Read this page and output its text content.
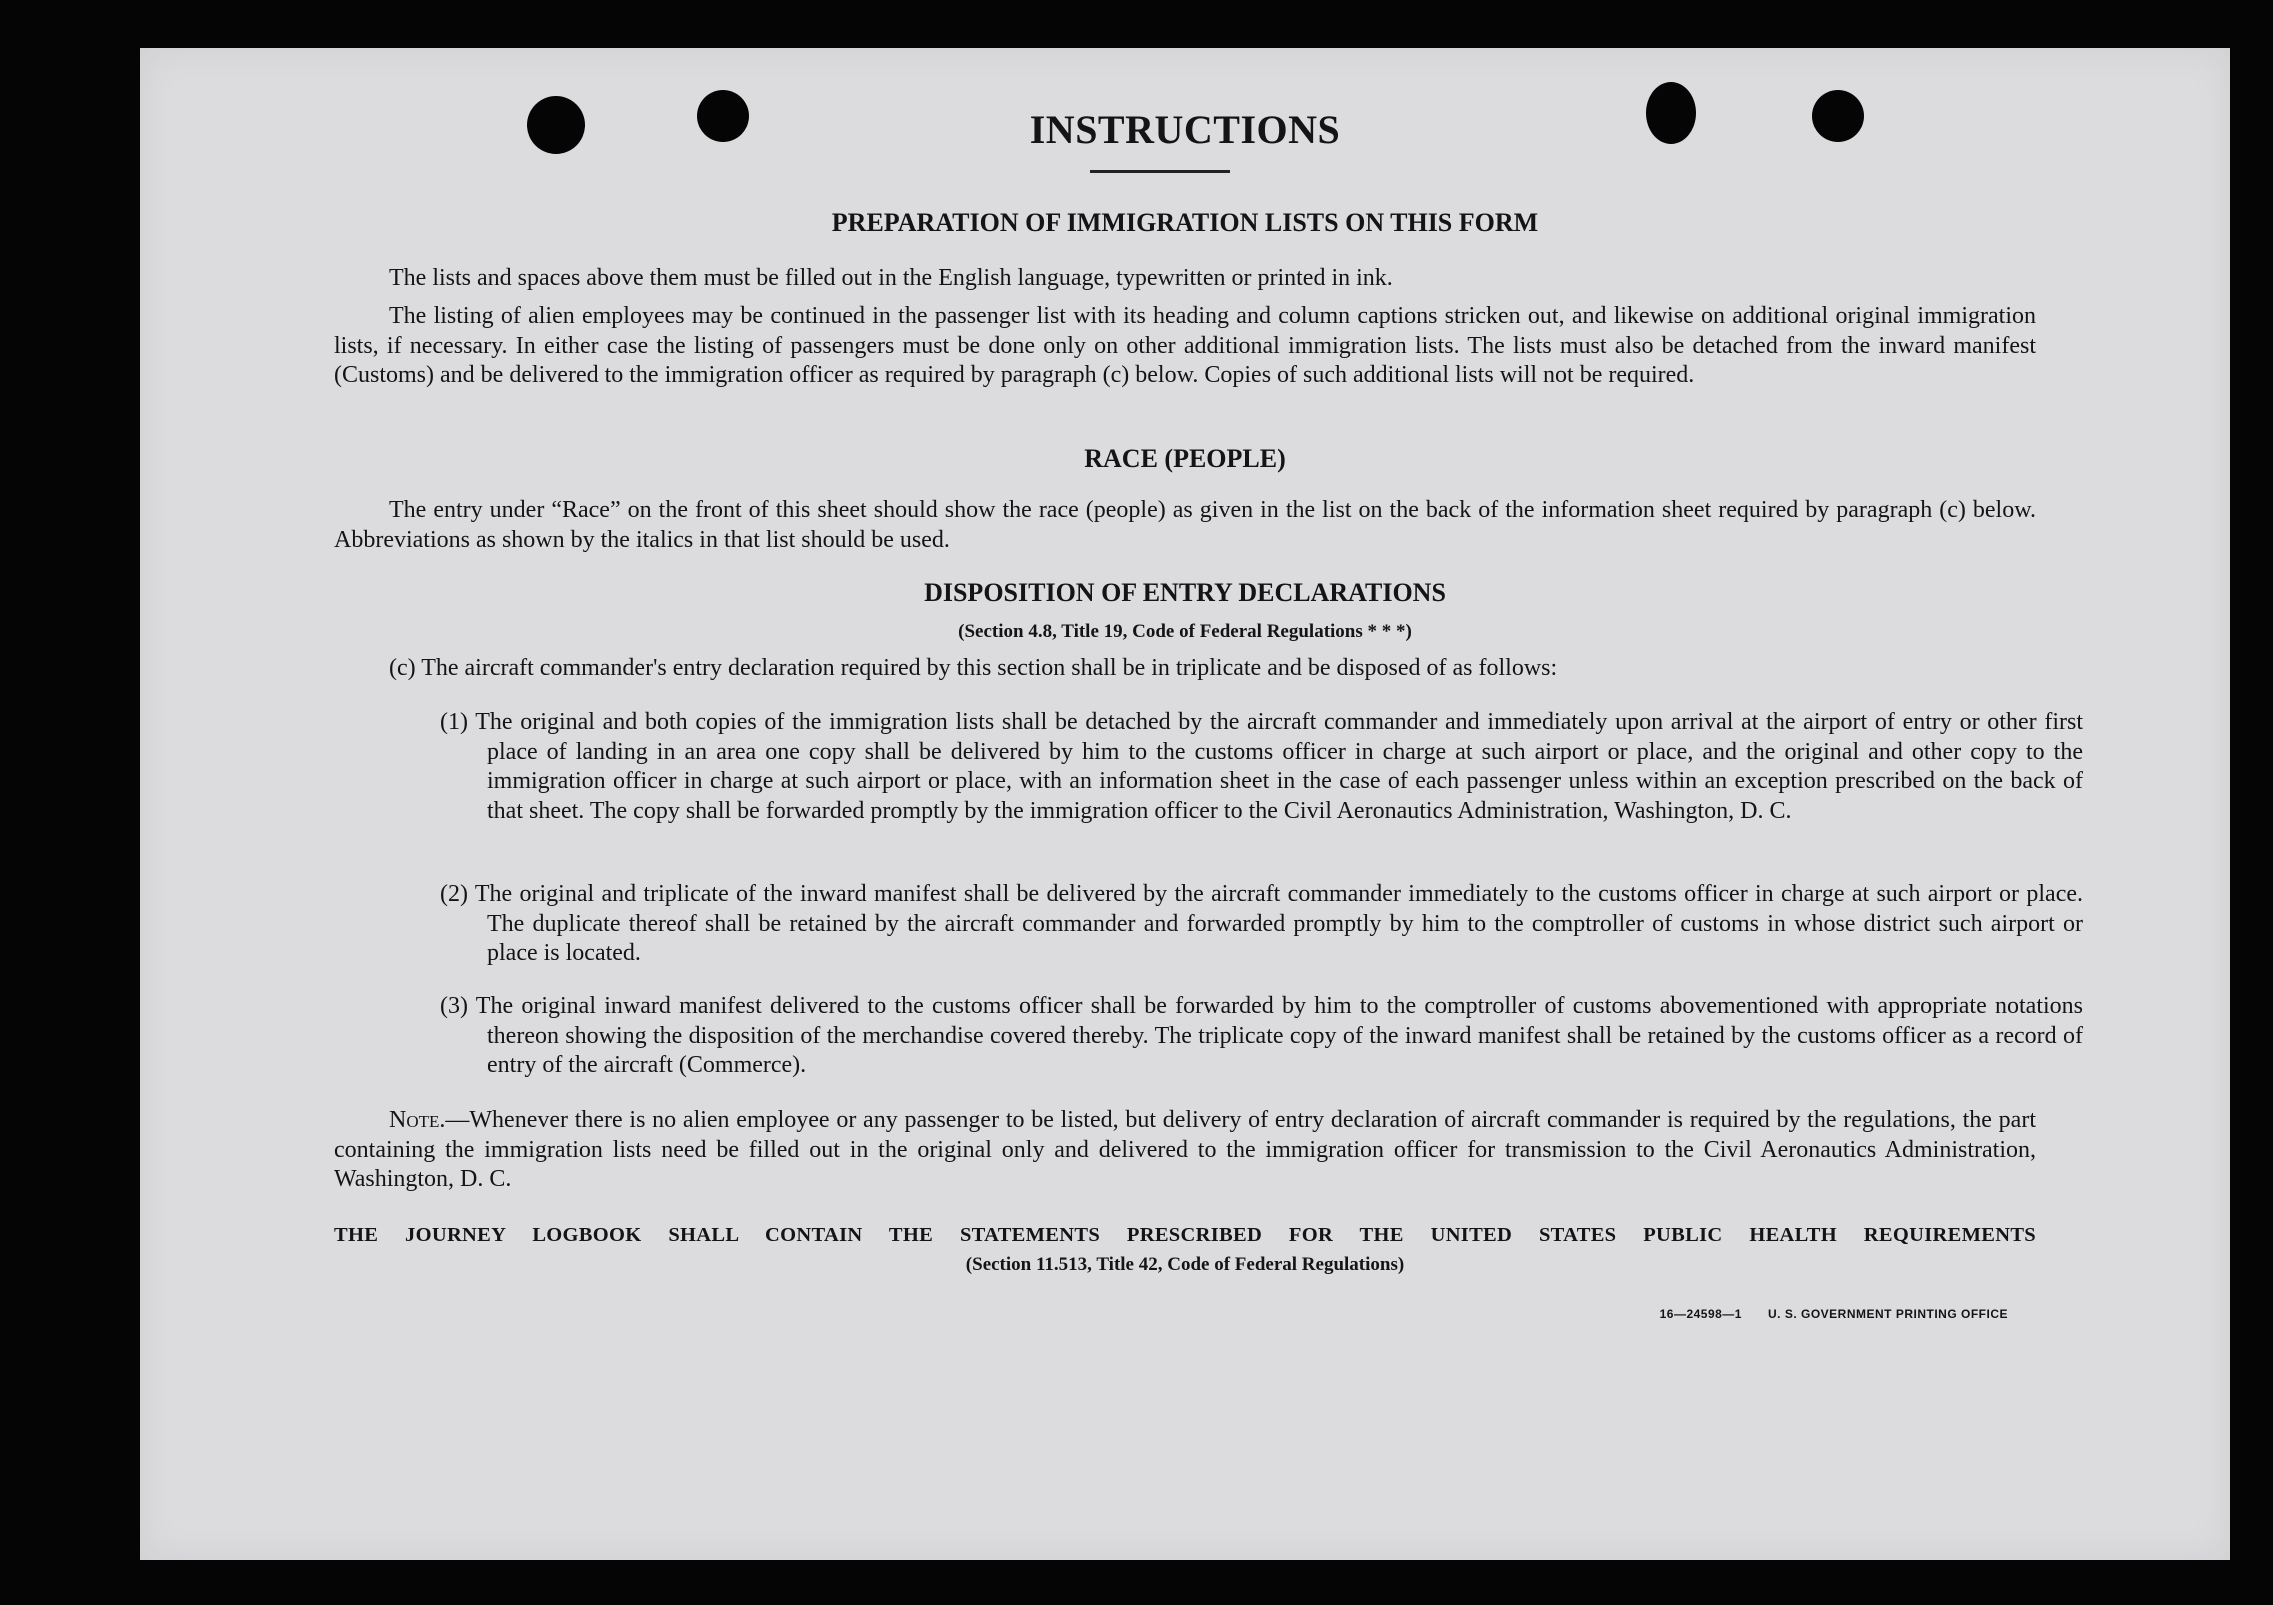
INSTRUCTIONS
PREPARATION OF IMMIGRATION LISTS ON THIS FORM

The lists and spaces above them must be filled out in the English language, typewritten or printed in ink.

The listing of alien employees may be continued in the passenger list with its heading and column captions stricken out, and likewise on additional original immigration lists, if necessary. In either case the listing of passengers must be done only on other additional immigration lists. The lists must also be detached from the inward manifest (Customs) and be delivered to the immigration officer as required by paragraph (c) below. Copies of such additional lists will not be required.

RACE (PEOPLE)

The entry under “Race” on the front of this sheet should show the race (people) as given in the list on the back of the information sheet required by paragraph (c) below. Abbreviations as shown by the italics in that list should be used.

DISPOSITION OF ENTRY DECLARATIONS
(Section 4.8, Title 19, Code of Federal Regulations * * *)

(c) The aircraft commander's entry declaration required by this section shall be in triplicate and be disposed of as follows:

(1) The original and both copies of the immigration lists shall be detached by the aircraft commander and immediately upon arrival at the airport of entry or other first place of landing in an area one copy shall be delivered by him to the customs officer in charge at such airport or place, and the original and other copy to the immigration officer in charge at such airport or place, with an information sheet in the case of each passenger unless within an exception prescribed on the back of that sheet. The copy shall be forwarded promptly by the immigration officer to the Civil Aeronautics Administration, Washington, D. C.

(2) The original and triplicate of the inward manifest shall be delivered by the aircraft commander immediately to the customs officer in charge at such airport or place. The duplicate thereof shall be retained by the aircraft commander and forwarded promptly by him to the comptroller of customs in whose district such airport or place is located.

(3) The original inward manifest delivered to the customs officer shall be forwarded by him to the comptroller of customs abovementioned with appropriate notations thereon showing the disposition of the merchandise covered thereby. The triplicate copy of the inward manifest shall be retained by the customs officer as a record of entry of the aircraft (Commerce).

Note.—Whenever there is no alien employee or any passenger to be listed, but delivery of entry declaration of aircraft commander is required by the regulations, the part containing the immigration lists need be filled out in the original only and delivered to the immigration officer for transmission to the Civil Aeronautics Administration, Washington, D. C.

THE JOURNEY LOGBOOK SHALL CONTAIN THE STATEMENTS PRESCRIBED FOR THE UNITED STATES PUBLIC HEALTH REQUIREMENTS
(Section 11.513, Title 42, Code of Federal Regulations)
16—24598—1 U. S. GOVERNMENT PRINTING OFFICE
